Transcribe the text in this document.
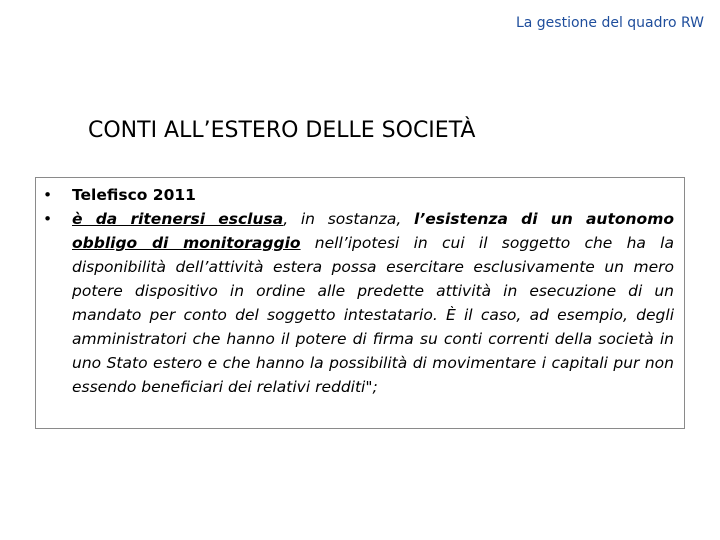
La gestione del quadro RW
CONTI ALL’ESTERO DELLE SOCIETÀ
• Telefisco 2011
• è da ritenersi esclusa, in sostanza, l’esistenza di un autonomo obbligo di monitoraggio nell’ipotesi in cui il soggetto che ha la disponibilità dell’attività estera possa esercitare esclusivamente un mero potere dispositivo in ordine alle predette attività in esecuzione di un mandato per conto del soggetto intestatario. È il caso, ad esempio, degli amministratori che hanno il potere di firma su conti correnti della società in uno Stato estero e che hanno la possibilità di movimentare i capitali pur non essendo beneficiari dei relativi redditi";
